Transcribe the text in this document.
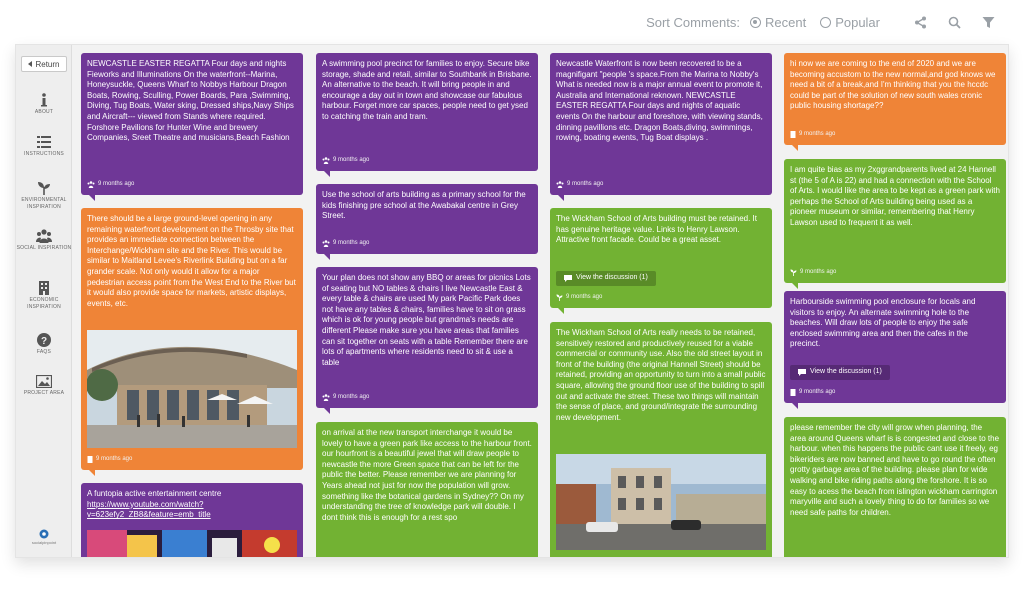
Sort Comments: Recent Popular
Return
ABOUT
INSTRUCTIONS
ENVIRONMENTAL INSPIRATION
SOCIAL INSPIRATION
ECONOMIC INSPIRATION
?
FAQS
PROJECT AREA
socialpinpoint
NEWCASTLE EASTER REGATTA Four days and nights Fieworks and Illuminations On the waterfront--Marina, Honeysuckle, Queens Wharf to Nobbys Harbour Dragon Boats, Rowing, Sculling, Power Boards, Para ,Swimming, Diving, Tug Boats, Water sking, Dressed ships,Navy Ships and Aircraft--- viewed from Stands where required. Forshore Pavilions for Hunter Wine and brewery Companies, Sreet Theatre and musicians,Beach Fashion
9 months ago
There should be a large ground-level opening in any remaining waterfront development on the Throsby site that provides an immediate connection between the Interchange/Wickham site and the River. This would be similar to Maitland Levee's Riverlink Building but on a far grander scale. Not only would it allow for a major pedestrian access point from the West End to the River but it would also provide space for markets, artistic displays, events, etc.
9 months ago
A funtopia active entertainment centre
https://www.youtube.com/watch?v=623efy2_ZB8&feature=emb_title
A swimming pool precinct for families to enjoy. Secure bike storage, shade and retail, similar to Southbank in Brisbane. An alternative to the beach. It will bring people in and encourage a day out in town and showcase our fabulous harbour. Forget more car spaces, people need to get ysed to catching the train and tram.
9 months ago
Use the school of arts building as a primary school for the kids finishing pre school at the Awabakal centre in Grey Street.
9 months ago
Your plan does not show any BBQ or areas for picnics Lots of seating but NO tables & chairs I live Newcastle East & every table & chairs are used My park Pacific Park does not have any tables & chairs, families have to sit on grass which is ok for young people but grandma's needs are different Please make sure you have areas that families can sit together on seats with a table Remember there are lots of apartments where residents need to sit & use a table
9 months ago
on arrival at the new transport interchange it would be lovely to have a green park like access to the harbour front. our hourfront is a beautiful jewel that will draw people to newcastle the more Green space that can be left for the public the better. Please remember we are planning for Years ahead not just for now the population will grow. something like the botanical gardens in Sydney?? On my understanding the tree of knowledge park will double. I dont think this is enough for a rest spo
Newcastle Waterfront is now been recovered to be a magnifigant "people 's space.From the Marina to Nobby's What is needed now is a major annual event to promote it, Australia and International reknown. NEWCASTLE EASTER REGATTA Four days and nights of aquatic events On the harbour and foreshore, with viewing stands, dinning pavillions etc. Dragon Boats,diving, swimmings, rowing, boating events, Tug Boat displays .
9 months ago
The Wickham School of Arts building must be retained. It has genuine heritage value. Links to Henry Lawson. Attractive front facade. Could be a great asset.
View the discussion (1)
9 months ago
The Wickham School of Arts really needs to be retained, sensitively restored and productively reused for a viable commercial or community use. Also the old street layout in front of the building (the original Hannell Street) should be retained, providing an opportunity to turn into a small public square, allowing the ground floor use of the building to spill out and activate the street. These two things will maintain the sense of place, and ground/integrate the surrounding new development.
hi now we are coming to the end of 2020 and we are becoming accustom to the new normal,and god knows we need a bit of a break,and I'm thinking that you the hccdc could be part of the solution of new south wales cronic public housing shortage??
9 months ago
I am quite bias as my 2xggrandparents lived at 24 Hannell st (the 5 of A is 22) and had a connection with the School of Arts. I would like the area to be kept as a green park with perhaps the School of Arts building being used as a pioneer museum or similar, remembering that Henry Lawson used to frequent it as well.
9 months ago
Harbourside swimming pool enclosure for locals and visitors to enjoy. An alternate swimming hole to the beaches. Will draw lots of people to enjoy the safe enclosed swimming area and then the cafes in the precinct.
View the discussion (1)
9 months ago
please remember the city will grow when planning, the area around Queens wharf is is congested and close to the harbour. when this happens the public cant use it freely, eg bikeriders are now banned and have to go round the often grotty garbage area of the building. please plan for wide walking and bike riding paths along the forshore. It is so easy to acess the beach from islington wickham carrington maryville and such a lovely thing to do for families so we need safe paths for children.
